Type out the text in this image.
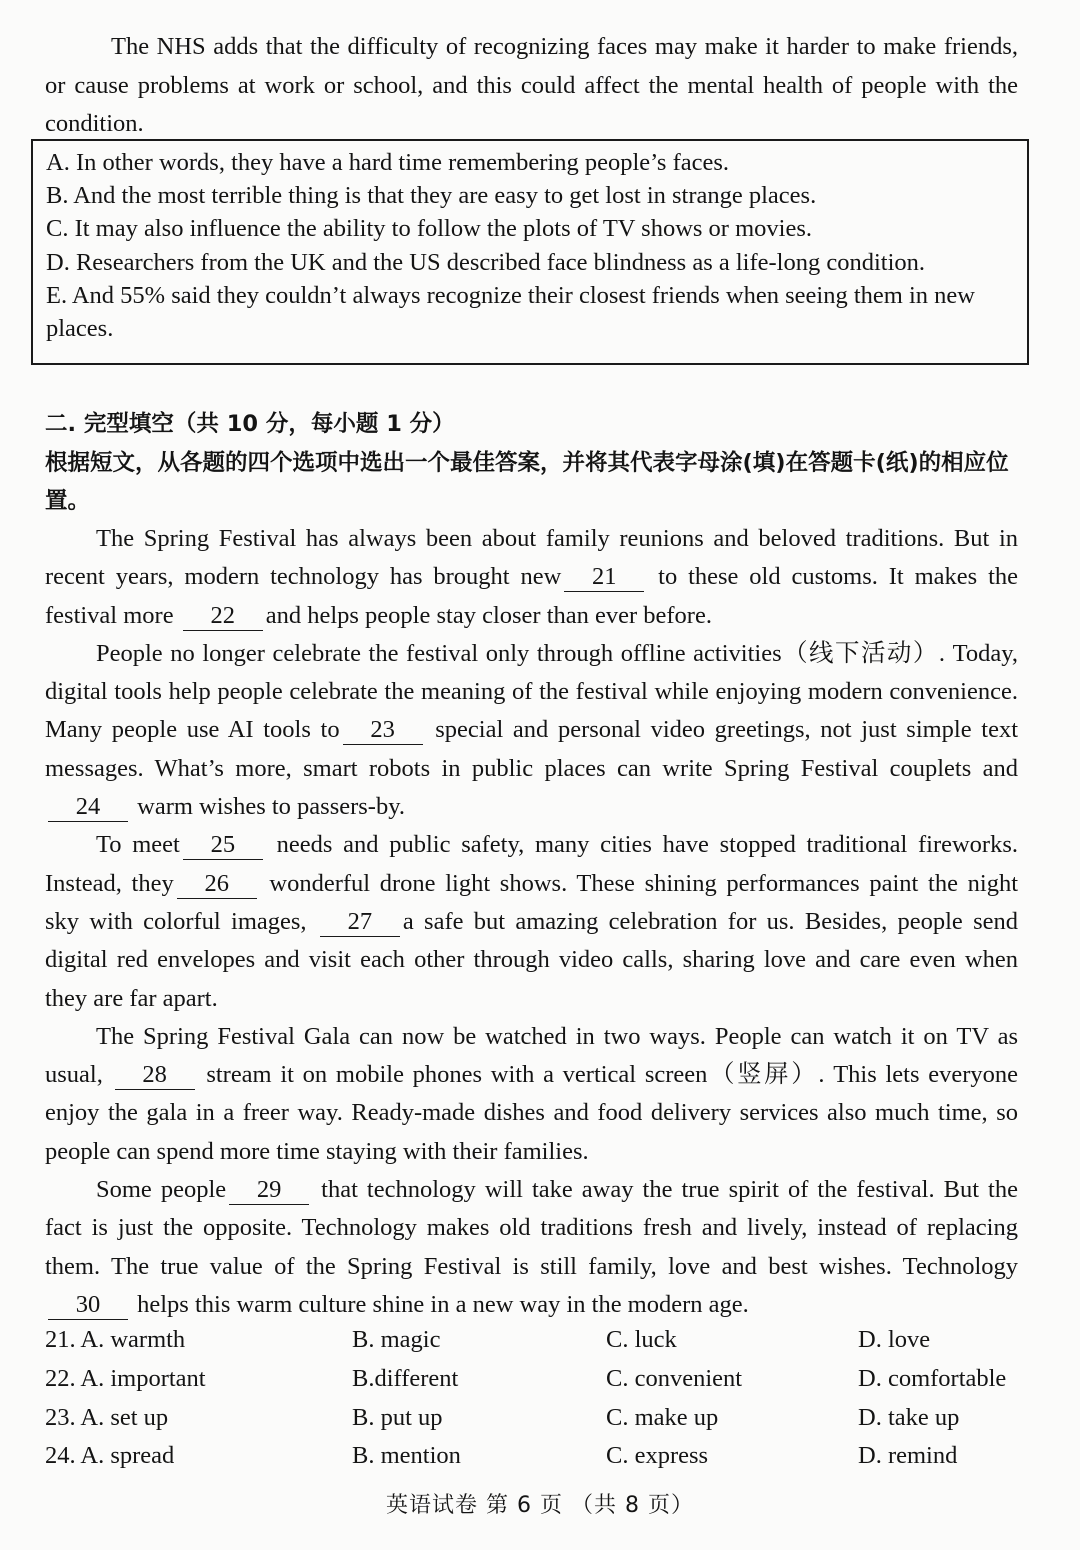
The NHS adds that the difficulty of recognizing faces may make it harder to make friends, or cause problems at work or school, and this could affect the mental health of people with the condition.

A. In other words, they have a hard time remembering people’s faces.

B. And the most terrible thing is that they are easy to get lost in strange places.

C. It may also influence the ability to follow the plots of TV shows or movies.

D. Researchers from the UK and the US described face blindness as a life-long condition.

E. And 55% said they couldn’t always recognize their closest friends when seeing them in new places.

二. 完型填空（共 10 分，每小题 1 分）
根据短文，从各题的四个选项中选出一个最佳答案，并将其代表字母涂(填)在答题卡(纸)的相应位置。

The Spring Festival has always been about family reunions and beloved traditions. But in recent years, modern technology has brought new 21 to these old customs. It makes the festival more 22 and helps people stay closer than ever before.

People no longer celebrate the festival only through offline activities（线下活动）. Today, digital tools help people celebrate the meaning of the festival while enjoying modern convenience. Many people use AI tools to 23 special and personal video greetings, not just simple text messages. What’s more, smart robots in public places can write Spring Festival couplets and24 warm wishes to passers-by.

To meet 25 needs and public safety, many cities have stopped traditional fireworks. Instead, they 26 wonderful drone light shows. These shining performances paint the night sky with colorful images, 27 a safe but amazing celebration for us. Besides, people send digital red envelopes and visit each other through video calls, sharing love and care even when they are far apart.

The Spring Festival Gala can now be watched in two ways. People can watch it on TV as usual, 28 stream it on mobile phones with a vertical screen（竖屏）. This lets everyone enjoy the gala in a freer way. Ready-made dishes and food delivery services also much time, so people can spend more time staying with their families.

Some people 29 that technology will take away the true spirit of the festival. But the fact is just the opposite. Technology makes old traditions fresh and lively, instead of replacing them. The true value of the Spring Festival is still family, love and best wishes. Technology 30 helps this warm culture shine in a new way in the modern age.

21. A. warmth	B. magic	C. luck	D. love
22. A. important	B.different	C. convenient	D. comfortable
23. A. set up	B. put up	C. make up	D. take up
24. A. spread	B. mention	C. express	D. remind
英语试卷 第 6 页 （共 8 页）
